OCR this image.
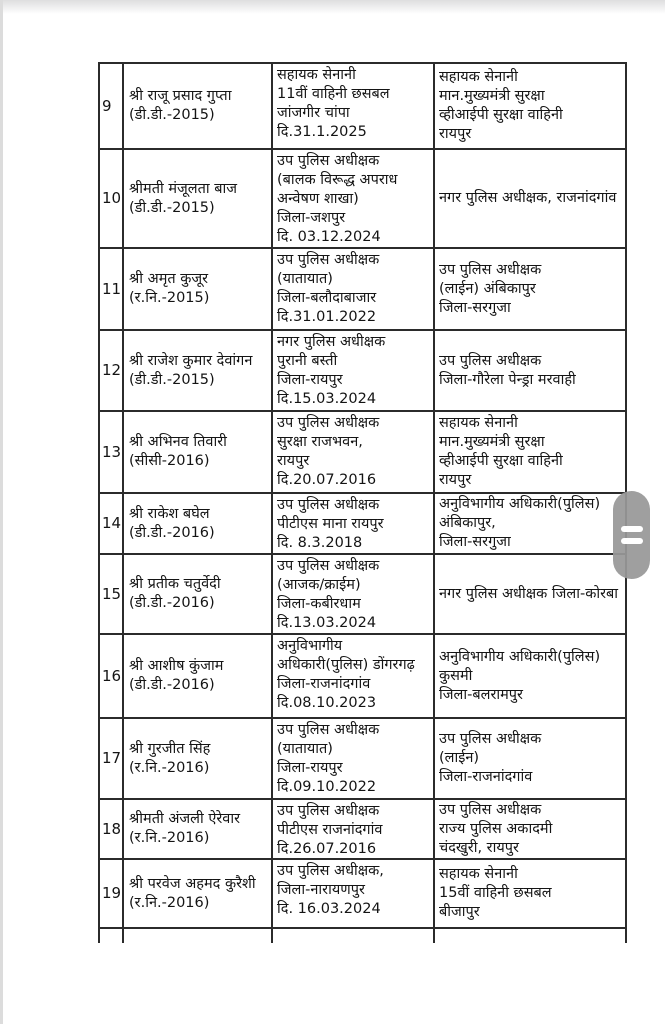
9
श्री राजू प्रसाद गुप्ता
(डी.डी.-2015)
सहायक सेनानी
11वीं वाहिनी छसबल
जांजगीर चांपा
दि.31.1.2025
सहायक सेनानी
मान.मुख्यमंत्री सुरक्षा
व्हीआईपी सुरक्षा वाहिनी
रायपुर
10
श्रीमती मंजूलता बाज
(डी.डी.-2015)
उप पुलिस अधीक्षक
(बालक विरूद्ध अपराध
अन्वेषण शाखा)
जिला-जशपुर
दि. 03.12.2024
नगर पुलिस अधीक्षक, राजनांदगांव
11
श्री अमृत कुजूर
(र.नि.-2015)
उप पुलिस अधीक्षक
(यातायात)
जिला-बलौदाबाजार
दि.31.01.2022
उप पुलिस अधीक्षक
(लाईन) अंबिकापुर
जिला-सरगुजा
12
श्री राजेश कुमार देवांगन
(डी.डी.-2015)
नगर पुलिस अधीक्षक
पुरानी बस्ती
जिला-रायपुर
दि.15.03.2024
उप पुलिस अधीक्षक
जिला-गौरेला पेन्ड्रा मरवाही
13
श्री अभिनव तिवारी
(सीसी-2016)
उप पुलिस अधीक्षक
सुरक्षा राजभवन,
रायपुर
दि.20.07.2016
सहायक सेनानी
मान.मुख्यमंत्री सुरक्षा
व्हीआईपी सुरक्षा वाहिनी
रायपुर
14
श्री राकेश बघेल
(डी.डी.-2016)
उप पुलिस अधीक्षक
पीटीएस माना रायपुर
दि. 8.3.2018
अनुविभागीय अधिकारी(पुलिस)
अंबिकापुर,
जिला-सरगुजा
15
श्री प्रतीक चतुर्वेदी
(डी.डी.-2016)
उप पुलिस अधीक्षक
(आजक/क्राईम)
जिला-कबीरधाम
दि.13.03.2024
नगर पुलिस अधीक्षक जिला-कोरबा
16
श्री आशीष कुंजाम
(डी.डी.-2016)
अनुविभागीय
अधिकारी(पुलिस) डोंगरगढ़
जिला-राजनांदगांव
दि.08.10.2023
अनुविभागीय अधिकारी(पुलिस)
कुसमी
जिला-बलरामपुर
17
श्री गुरजीत सिंह
(र.नि.-2016)
उप पुलिस अधीक्षक
(यातायात)
जिला-रायपुर
दि.09.10.2022
उप पुलिस अधीक्षक
(लाईन)
जिला-राजनांदगांव
18
श्रीमती अंजली ऐरेवार
(र.नि.-2016)
उप पुलिस अधीक्षक
पीटीएस राजनांदगांव
दि.26.07.2016
उप पुलिस अधीक्षक
राज्य पुलिस अकादमी
चंदखुरी, रायपुर
19
श्री परवेज अहमद कुरैशी
(र.नि.-2016)
उप पुलिस अधीक्षक,
जिला-नारायणपुर
दि. 16.03.2024
सहायक सेनानी
15वीं वाहिनी छसबल
बीजापुर
